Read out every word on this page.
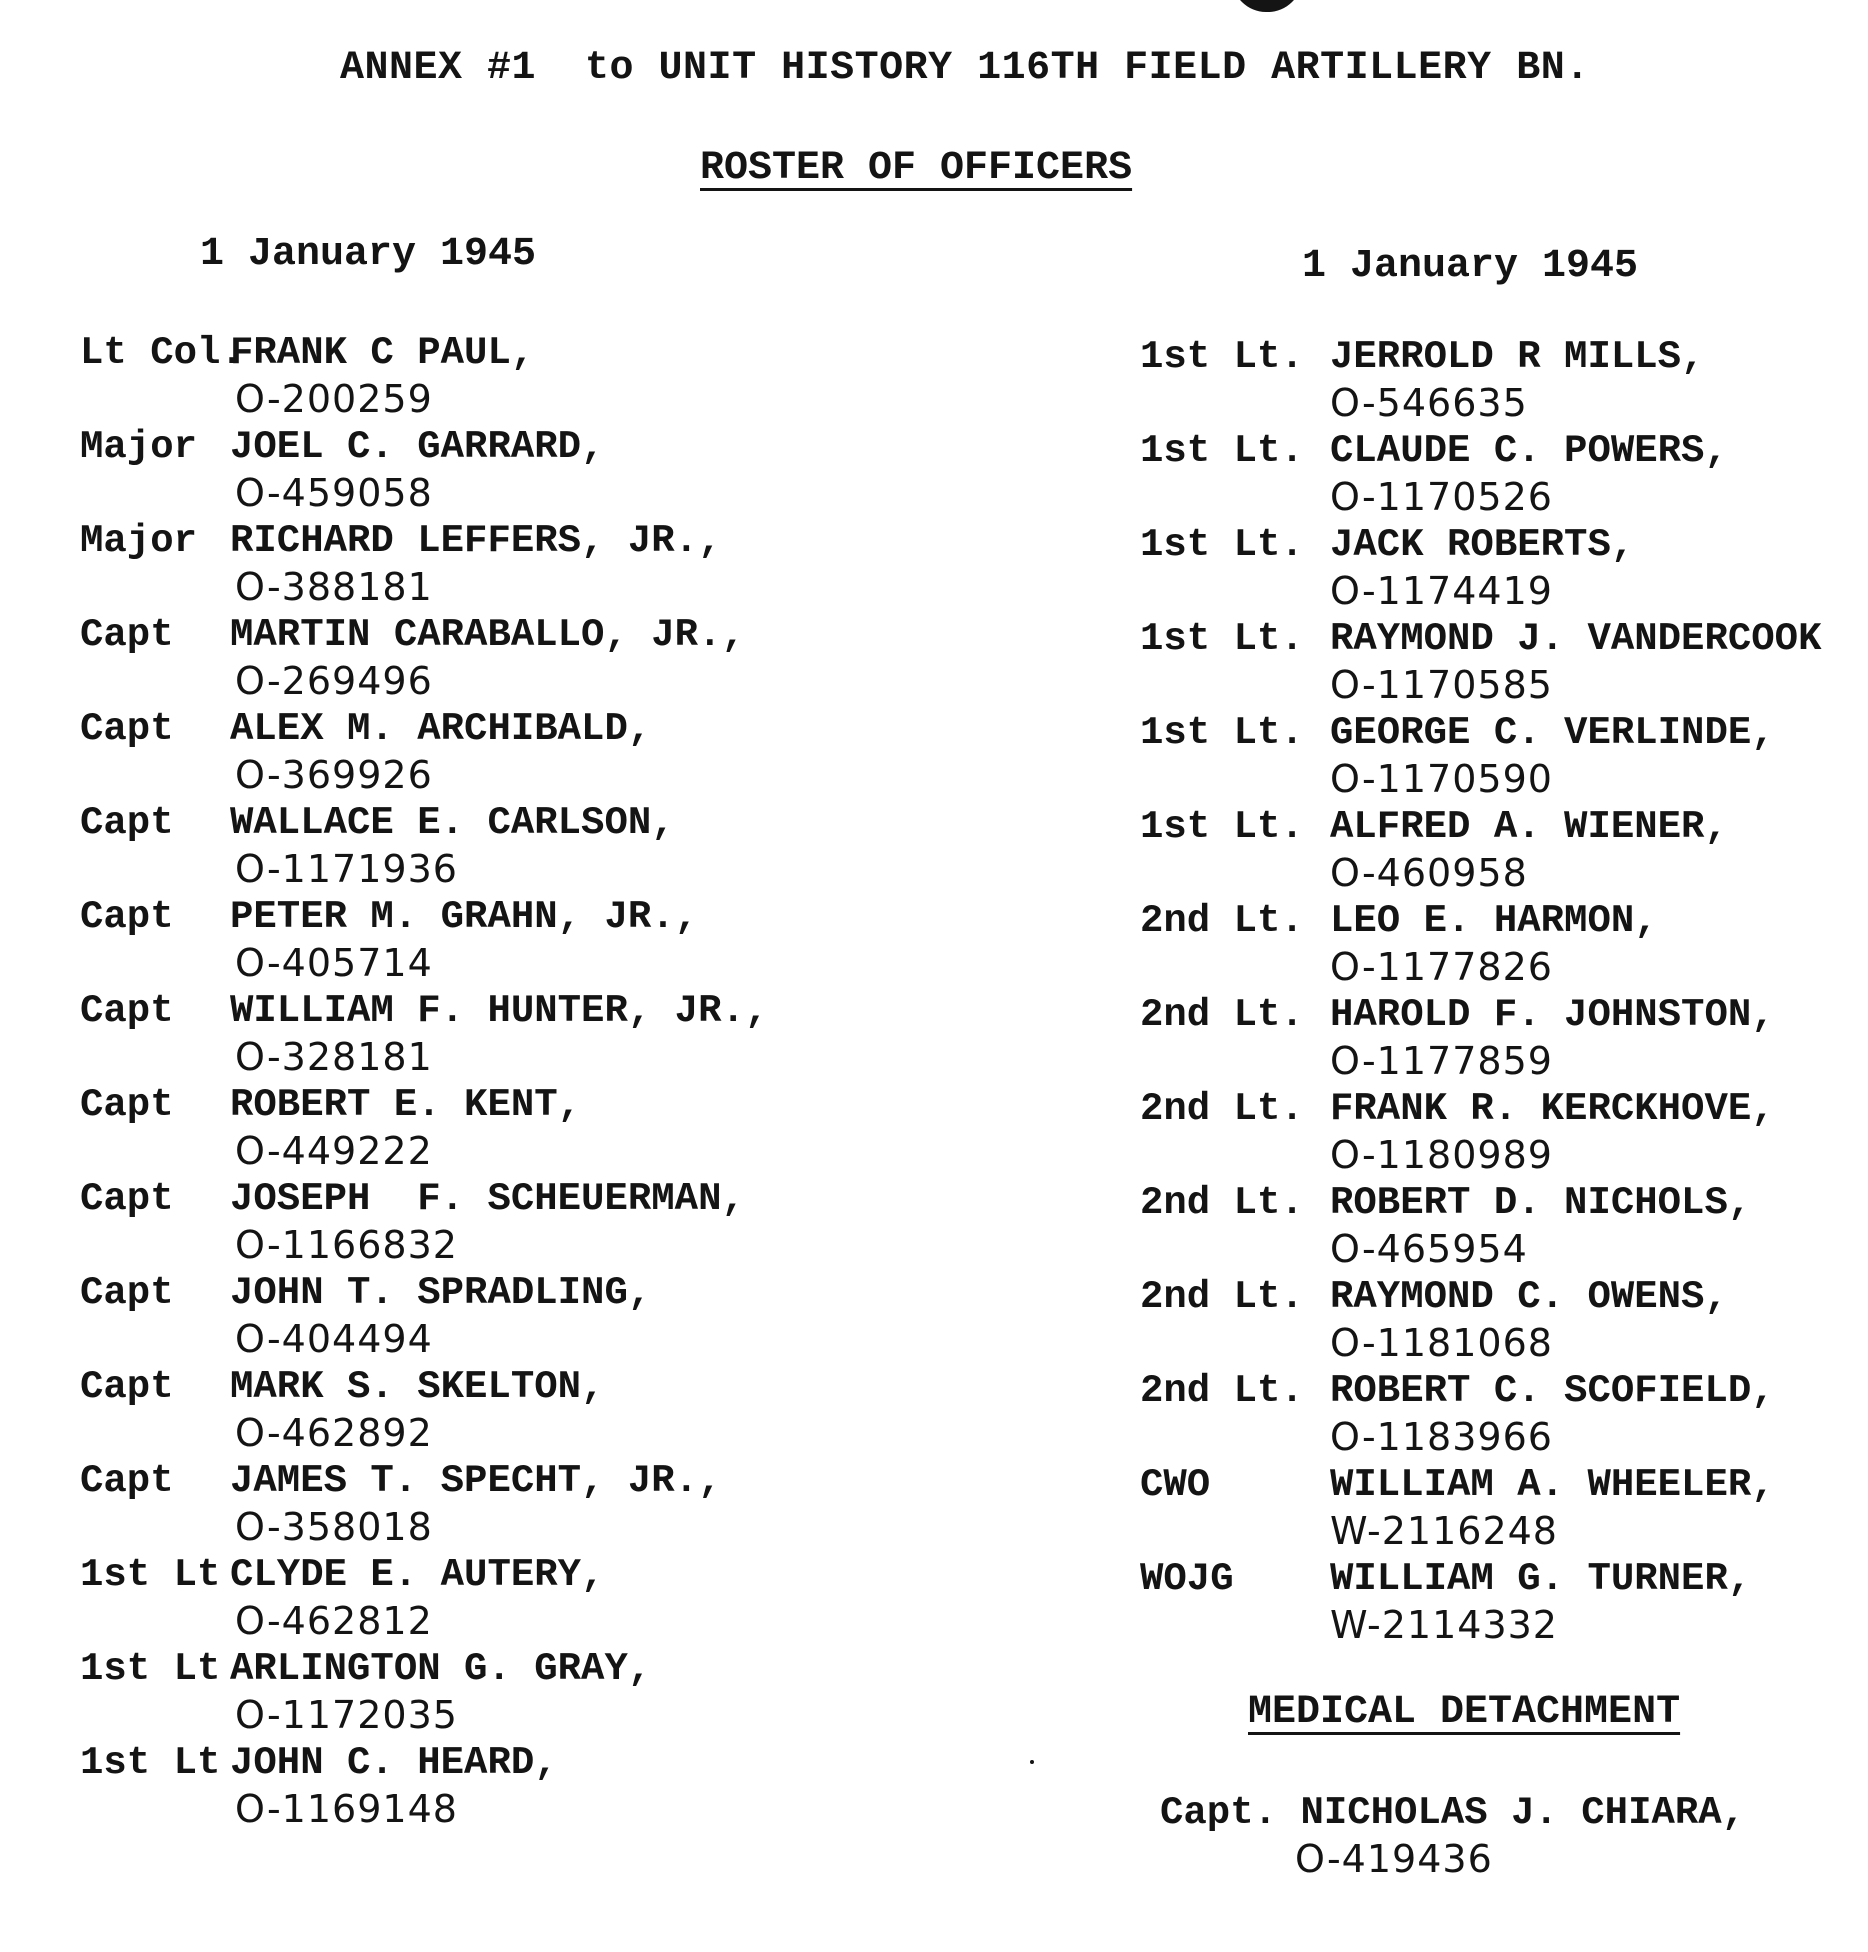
ANNEX #1  to UNIT HISTORY 116TH FIELD ARTILLERY BN.
ROSTER OF OFFICERS
1 January 1945	1 January 1945
Lt Col.FRANK C PAUL,
O-200259
Major JOEL C. GARRARD,
O-459058
Major RICHARD LEFFERS, JR.,
O-388181
Capt MARTIN CARABALLO, JR.,
O-269496
Capt ALEX M. ARCHIBALD,
O-369926
Capt WALLACE E. CARLSON,
O-1171936
Capt PETER M. GRAHN, JR.,
O-405714
Capt WILLIAM F. HUNTER, JR.,
O-328181
Capt ROBERT E. KENT,
O-449222
Capt JOSEPH  F. SCHEUERMAN,
O-1166832
Capt JOHN T. SPRADLING,
O-404494
Capt MARK S. SKELTON,
O-462892
Capt JAMES T. SPECHT, JR.,
O-358018
1st Lt CLYDE E. AUTERY,
O-462812
1st Lt ARLINGTON G. GRAY,
O-1172035
1st Lt JOHN C. HEARD,
O-1169148
1st Lt. JERROLD R MILLS,
O-546635
1st Lt. CLAUDE C. POWERS,
O-1170526
1st Lt. JACK ROBERTS,
O-1174419
1st Lt. RAYMOND J. VANDERCOOK
O-1170585
1st Lt. GEORGE C. VERLINDE,
O-1170590
1st Lt. ALFRED A. WIENER,
O-460958
2nd Lt. LEO E. HARMON,
O-1177826
2nd Lt. HAROLD F. JOHNSTON,
O-1177859
2nd Lt. FRANK R. KERCKHOVE,
O-1180989
2nd Lt. ROBERT D. NICHOLS,
O-465954
2nd Lt. RAYMOND C. OWENS,
O-1181068
2nd Lt. ROBERT C. SCOFIELD,
O-1183966
CWO	WILLIAM A. WHEELER,
W-2116248
WOJG WILLIAM G. TURNER,
W-2114332
MEDICAL DETACHMENT
Capt. NICHOLAS J. CHIARA,
O-419436
